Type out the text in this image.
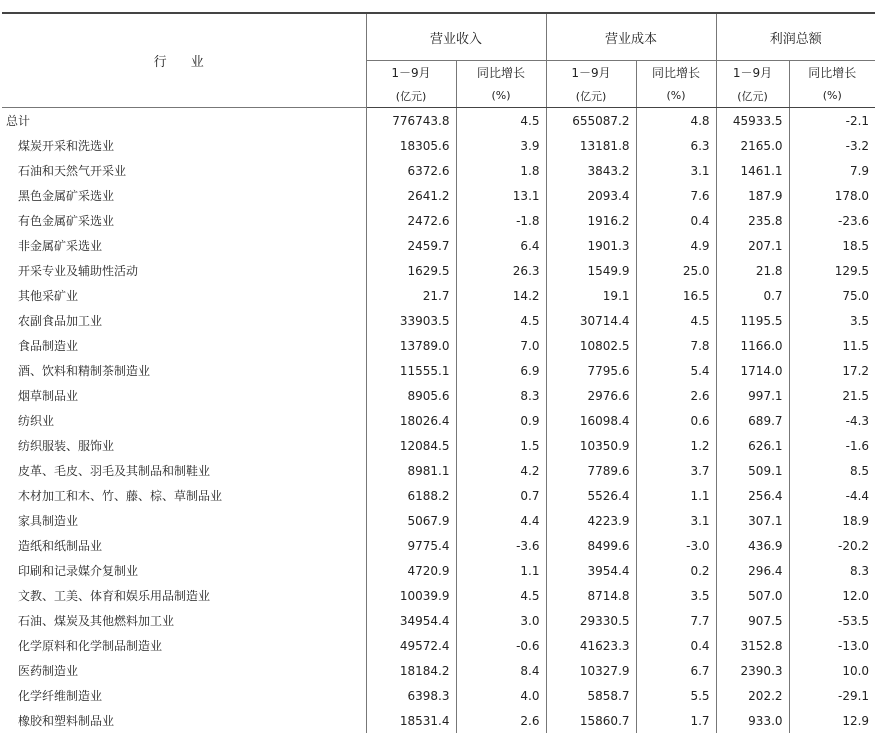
行 业	营业收入		营业成本		利润总额	
	1－9月	同比增长	1－9月	同比增长	1－9月	同比增长
	(亿元)	(%)	(亿元)	(%)	(亿元)	(%)
总计	776743.8	4.5	655087.2	4.8	45933.5	-2.1
煤炭开采和洗选业	18305.6	3.9	13181.8	6.3	2165.0	-3.2
石油和天然气开采业	6372.6	1.8	3843.2	3.1	1461.1	7.9
黑色金属矿采选业	2641.2	13.1	2093.4	7.6	187.9	178.0
有色金属矿采选业	2472.6	-1.8	1916.2	0.4	235.8	-23.6
非金属矿采选业	2459.7	6.4	1901.3	4.9	207.1	18.5
开采专业及辅助性活动	1629.5	26.3	1549.9	25.0	21.8	129.5
其他采矿业	21.7	14.2	19.1	16.5	0.7	75.0
农副食品加工业	33903.5	4.5	30714.4	4.5	1195.5	3.5
食品制造业	13789.0	7.0	10802.5	7.8	1166.0	11.5
酒、饮料和精制茶制造业	11555.1	6.9	7795.6	5.4	1714.0	17.2
烟草制品业	8905.6	8.3	2976.6	2.6	997.1	21.5
纺织业	18026.4	0.9	16098.4	0.6	689.7	-4.3
纺织服装、服饰业	12084.5	1.5	10350.9	1.2	626.1	-1.6
皮革、毛皮、羽毛及其制品和制鞋业	8981.1	4.2	7789.6	3.7	509.1	8.5
木材加工和木、竹、藤、棕、草制品业	6188.2	0.7	5526.4	1.1	256.4	-4.4
家具制造业	5067.9	4.4	4223.9	3.1	307.1	18.9
造纸和纸制品业	9775.4	-3.6	8499.6	-3.0	436.9	-20.2
印刷和记录媒介复制业	4720.9	1.1	3954.4	0.2	296.4	8.3
文教、工美、体育和娱乐用品制造业	10039.9	4.5	8714.8	3.5	507.0	12.0
石油、煤炭及其他燃料加工业	34954.4	3.0	29330.5	7.7	907.5	-53.5
化学原料和化学制品制造业	49572.4	-0.6	41623.3	0.4	3152.8	-13.0
医药制造业	18184.2	8.4	10327.9	6.7	2390.3	10.0
化学纤维制造业	6398.3	4.0	5858.7	5.5	202.2	-29.1
橡胶和塑料制品业	18531.4	2.6	15860.7	1.7	933.0	12.9
